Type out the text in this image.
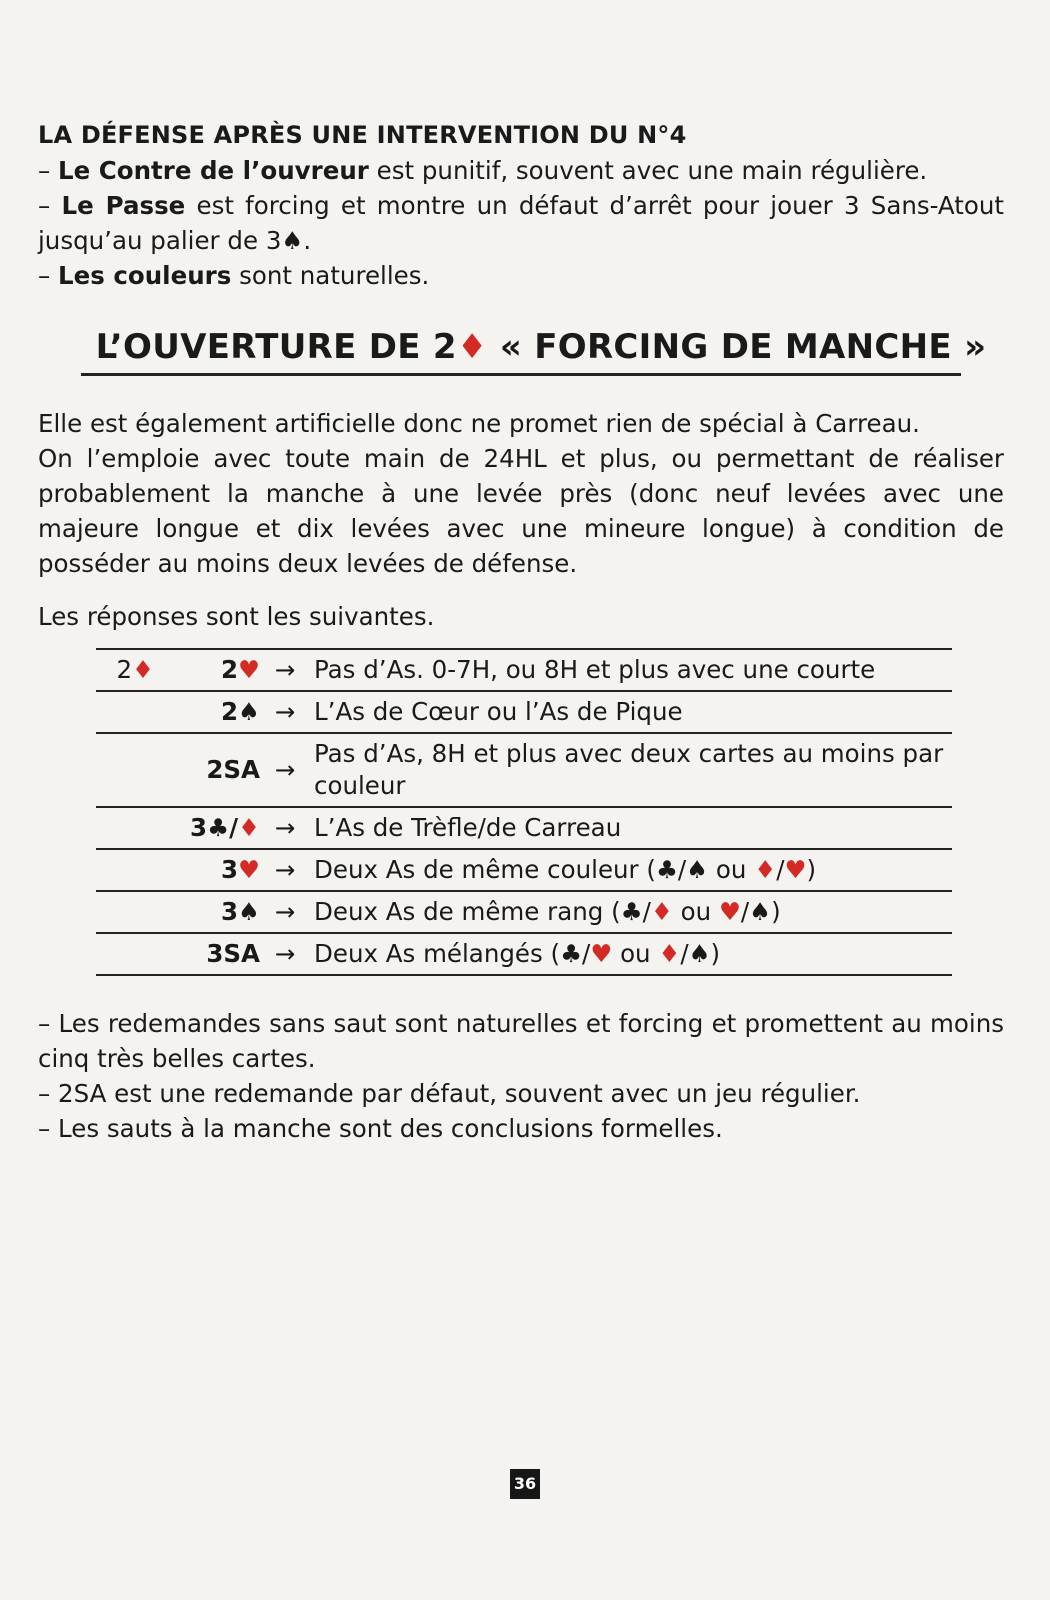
LA DÉFENSE APRÈS UNE INTERVENTION DU N°4

– Le Contre de l’ouvreur est punitif, souvent avec une main régulière.

– Le Passe est forcing et montre un défaut d’arrêt pour jouer 3 Sans-Atout jusqu’au palier de 3♠.

– Les couleurs sont naturelles.

L’OUVERTURE DE 2♦ « FORCING DE MANCHE »

Elle est également artificielle donc ne promet rien de spécial à Carreau.

On l’emploie avec toute main de 24HL et plus, ou permettant de réaliser probablement la manche à une levée près (donc neuf levées avec une majeure longue et dix levées avec une mineure longue) à condition de posséder au moins deux levées de défense.

Les réponses sont les suivantes.

2♦	2♥	→	Pas d’As. 0-7H, ou 8H et plus avec une courte
	2♠	→	L’As de Cœur ou l’As de Pique
	2SA	→	Pas d’As, 8H et plus avec deux cartes au moins par couleur
	3♣/♦	→	L’As de Trèfle/de Carreau
	3♥	→	Deux As de même couleur (♣/♠ ou ♦/♥)
	3♠	→	Deux As de même rang (♣/♦ ou ♥/♠)
	3SA	→	Deux As mélangés (♣/♥ ou ♦/♠)

– Les redemandes sans saut sont naturelles et forcing et promettent au moins cinq très belles cartes.

– 2SA est une redemande par défaut, souvent avec un jeu régulier.

– Les sauts à la manche sont des conclusions formelles.

36
